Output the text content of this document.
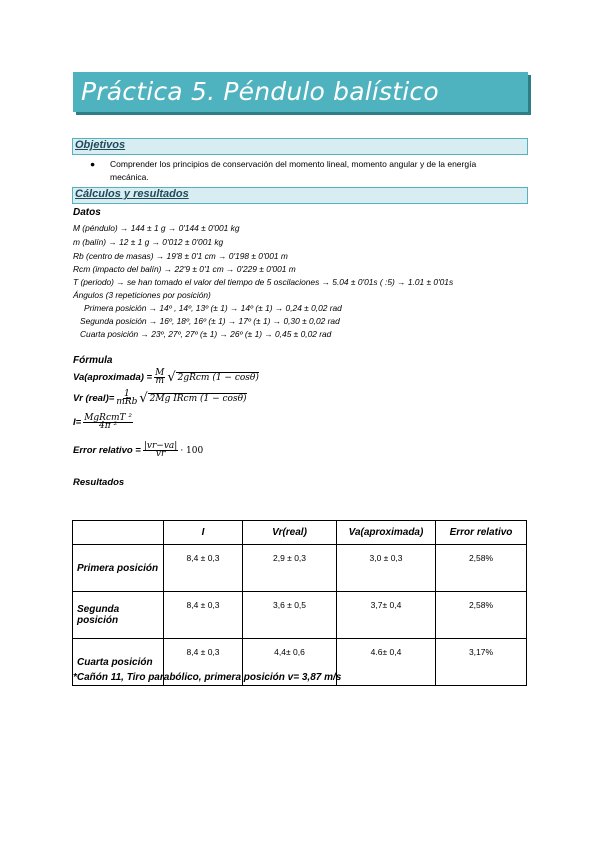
Práctica 5. Péndulo balístico
Objetivos
● Comprender los principios de conservación del momento lineal, momento angular y de la energía mecánica.
Cálculos y resultados
Datos
M (péndulo) → 144 ± 1 g → 0'144 ± 0'001 kg
m (balín) → 12 ± 1 g → 0'012 ± 0'001 kg
Rb (centro de masas) → 19'8 ± 0'1 cm → 0'198 ± 0'001 m
Rcm (impacto del balín) → 22'9 ± 0'1 cm → 0'229 ± 0'001 m
T (periodo) → se han tomado el valor del tiempo de 5 oscilaciones → 5.04 ± 0'01s ( :5) → 1.01 ± 0'01s
Ángulos (3 repeticiones por posición)
Primera posición → 14º , 14º, 13º (± 1) → 14º (± 1) → 0,24 ± 0,02 rad
Segunda posición → 16º, 18º, 16º (± 1) → 17º (± 1) → 0,30 ± 0,02 rad
Cuarta posición → 23º, 27º, 27º (± 1) → 26º (± 1) → 0,45 ± 0,02 rad
Fórmula
Va(aproximada) = $\frac{M}{m}$ √ 2gRcm (1 − cosθ)
Vr (real)= $\frac{1}{\text{mRb}}$ √ 2Mg IRcm (1 − cosθ)
$I= \frac{\text{MgRcmT ²}}{\text{4π ²}}$
Error relativo = $\frac{|vr-va|}{vr} \cdot 100$
Resultados
	I	Vr(real)	Va(aproximada)	Error relativo
Primera posición	8,4 ± 0,3	2,9 ± 0,3	3,0 ± 0,3	2,58%
Segunda posición	8,4 ± 0,3	3,6 ± 0,5	3,7± 0,4	2,58%
Cuarta posición	8,4 ± 0,3	4,4± 0,6	4.6± 0,4	3,17%
*Cañón 11, Tiro parabólico, primera posición v= 3,87 m/s
